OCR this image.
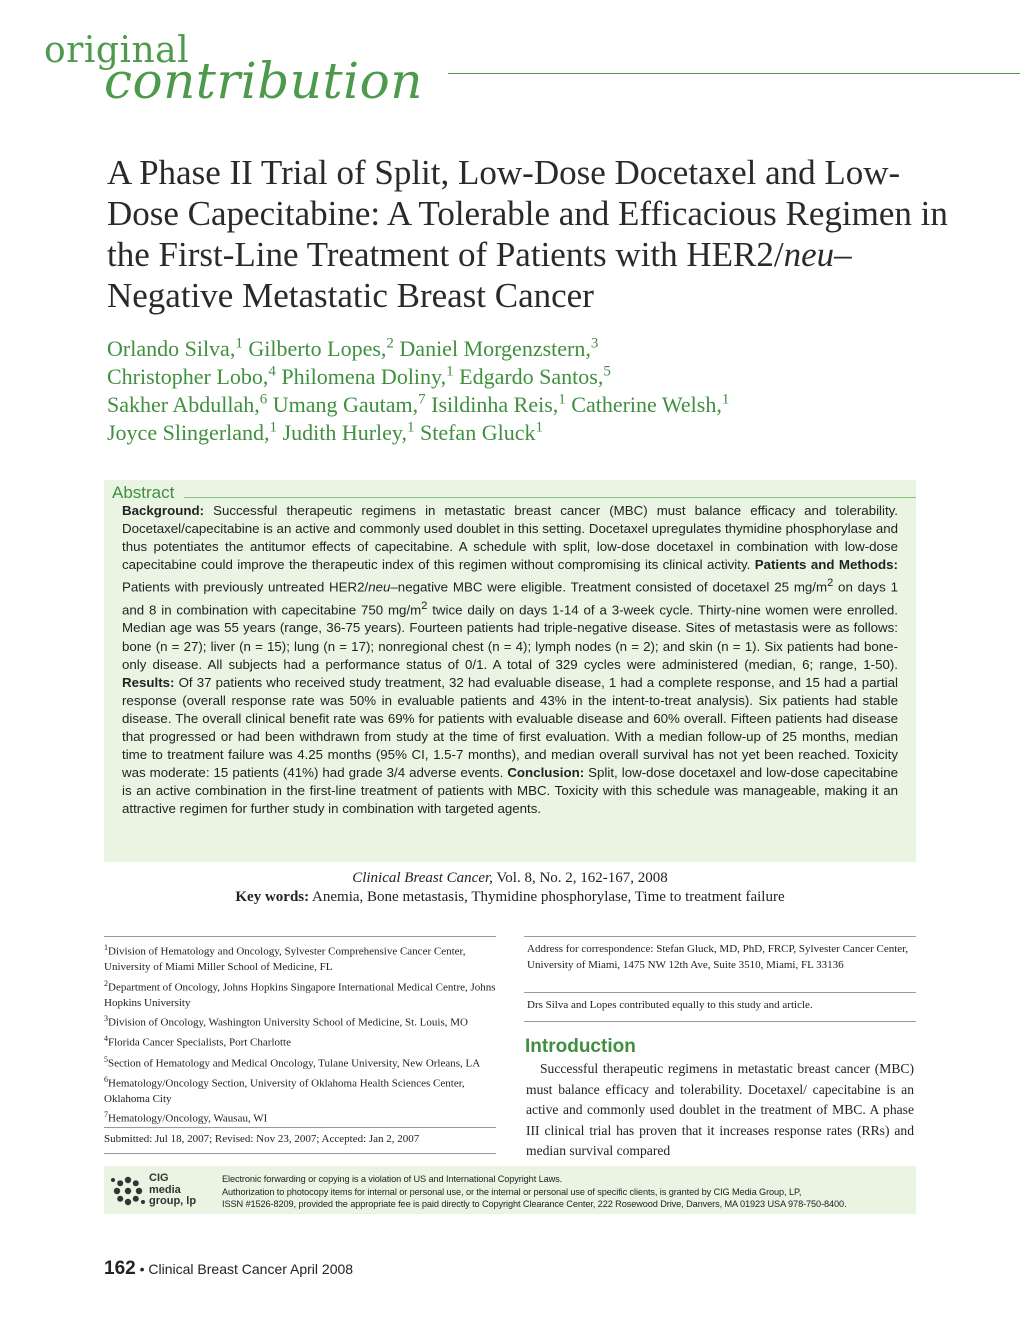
original
contribution
A Phase II Trial of Split, Low-Dose Docetaxel and Low-Dose Capecitabine: A Tolerable and Efficacious Regimen in the First-Line Treatment of Patients with HER2/neu–Negative Metastatic Breast Cancer
Orlando Silva,$^1$ Gilberto Lopes,$^2$ Daniel Morgenzstern,$^3$
Christopher Lobo,$^4$ Philomena Doliny,$^1$ Edgardo Santos,$^5$
Sakher Abdullah,$^6$ Umang Gautam,$^7$ Isildinha Reis,$^1$ Catherine Welsh,$^1$
Joyce Slingerland,$^1$ Judith Hurley,$^1$ Stefan Gluck$^1$
Abstract
Background: Successful therapeutic regimens in metastatic breast cancer (MBC) must balance efficacy and tolerability. Docetaxel/capecitabine is an active and commonly used doublet in this setting. Docetaxel upregulates thymidine phosphorylase and thus potentiates the antitumor effects of capecitabine. A schedule with split, low-dose docetaxel in combination with low-dose capecitabine could improve the therapeutic index of this regimen without compromising its clinical activity. Patients and Methods: Patients with previously untreated HER2/neu–negative MBC were eligible. Treatment consisted of docetaxel 25 $mg/m^2$ on days 1 and 8 in combination with capecitabine 750 $mg/m^2$ twice daily on days 1-14 of a 3-week cycle. Thirty-nine women were enrolled. Median age was 55 years (range, 36-75 years). Fourteen patients had triple-negative disease. Sites of metastasis were as follows: bone (n = 27); liver (n = 15); lung (n = 17); nonregional chest (n = 4); lymph nodes (n = 2); and skin (n = 1). Six patients had bone-only disease. All subjects had a performance status of 0/1. A total of 329 cycles were administered (median, 6; range, 1-50). Results: Of 37 patients who received study treatment, 32 had evaluable disease, 1 had a complete response, and 15 had a partial response (overall response rate was 50% in evaluable patients and 43% in the intent-to-treat analysis). Six patients had stable disease. The overall clinical benefit rate was 69% for patients with evaluable disease and 60% overall. Fifteen patients had disease that progressed or had been withdrawn from study at the time of first evaluation. With a median follow-up of 25 months, median time to treatment failure was 4.25 months (95% CI, 1.5-7 months), and median overall survival has not yet been reached. Toxicity was moderate: 15 patients (41%) had grade 3/4 adverse events. Conclusion: Split, low-dose docetaxel and low-dose capecitabine is an active combination in the first-line treatment of patients with MBC. Toxicity with this schedule was manageable, making it an attractive regimen for further study in combination with targeted agents.
Clinical Breast Cancer, Vol. 8, No. 2, 162-167, 2008
Key words: Anemia, Bone metastasis, Thymidine phosphorylase, Time to treatment failure
$^1$Division of Hematology and Oncology, Sylvester Comprehensive Cancer Center, University of Miami Miller School of Medicine, FL
$^2$Department of Oncology, Johns Hopkins Singapore International Medical Centre, Johns Hopkins University
$^3$Division of Oncology, Washington University School of Medicine, St. Louis, MO
$^4$Florida Cancer Specialists, Port Charlotte
$^5$Section of Hematology and Medical Oncology, Tulane University, New Orleans, LA
$^6$Hematology/Oncology Section, University of Oklahoma Health Sciences Center, Oklahoma City
$^7$Hematology/Oncology, Wausau, WI
Submitted: Jul 18, 2007; Revised: Nov 23, 2007; Accepted: Jan 2, 2007
Address for correspondence: Stefan Gluck, MD, PhD, FRCP, Sylvester Cancer Center, University of Miami, 1475 NW 12th Ave, Suite 3510, Miami, FL 33136
Drs Silva and Lopes contributed equally to this study and article.
Introduction
Successful therapeutic regimens in metastatic breast cancer (MBC) must balance efficacy and tolerability. Docetaxel/ capecitabine is an active and commonly used doublet in the treatment of MBC. A phase III clinical trial has proven that it increases response rates (RRs) and median survival compared
CIG
media
group, lp
Electronic forwarding or copying is a violation of US and International Copyright Laws.
Authorization to photocopy items for internal or personal use, or the internal or personal use of specific clients, is granted by CIG Media Group, LP,
ISSN #1526-8209, provided the appropriate fee is paid directly to Copyright Clearance Center, 222 Rosewood Drive, Danvers, MA 01923 USA 978-750-8400.
162 • Clinical Breast Cancer April 2008
